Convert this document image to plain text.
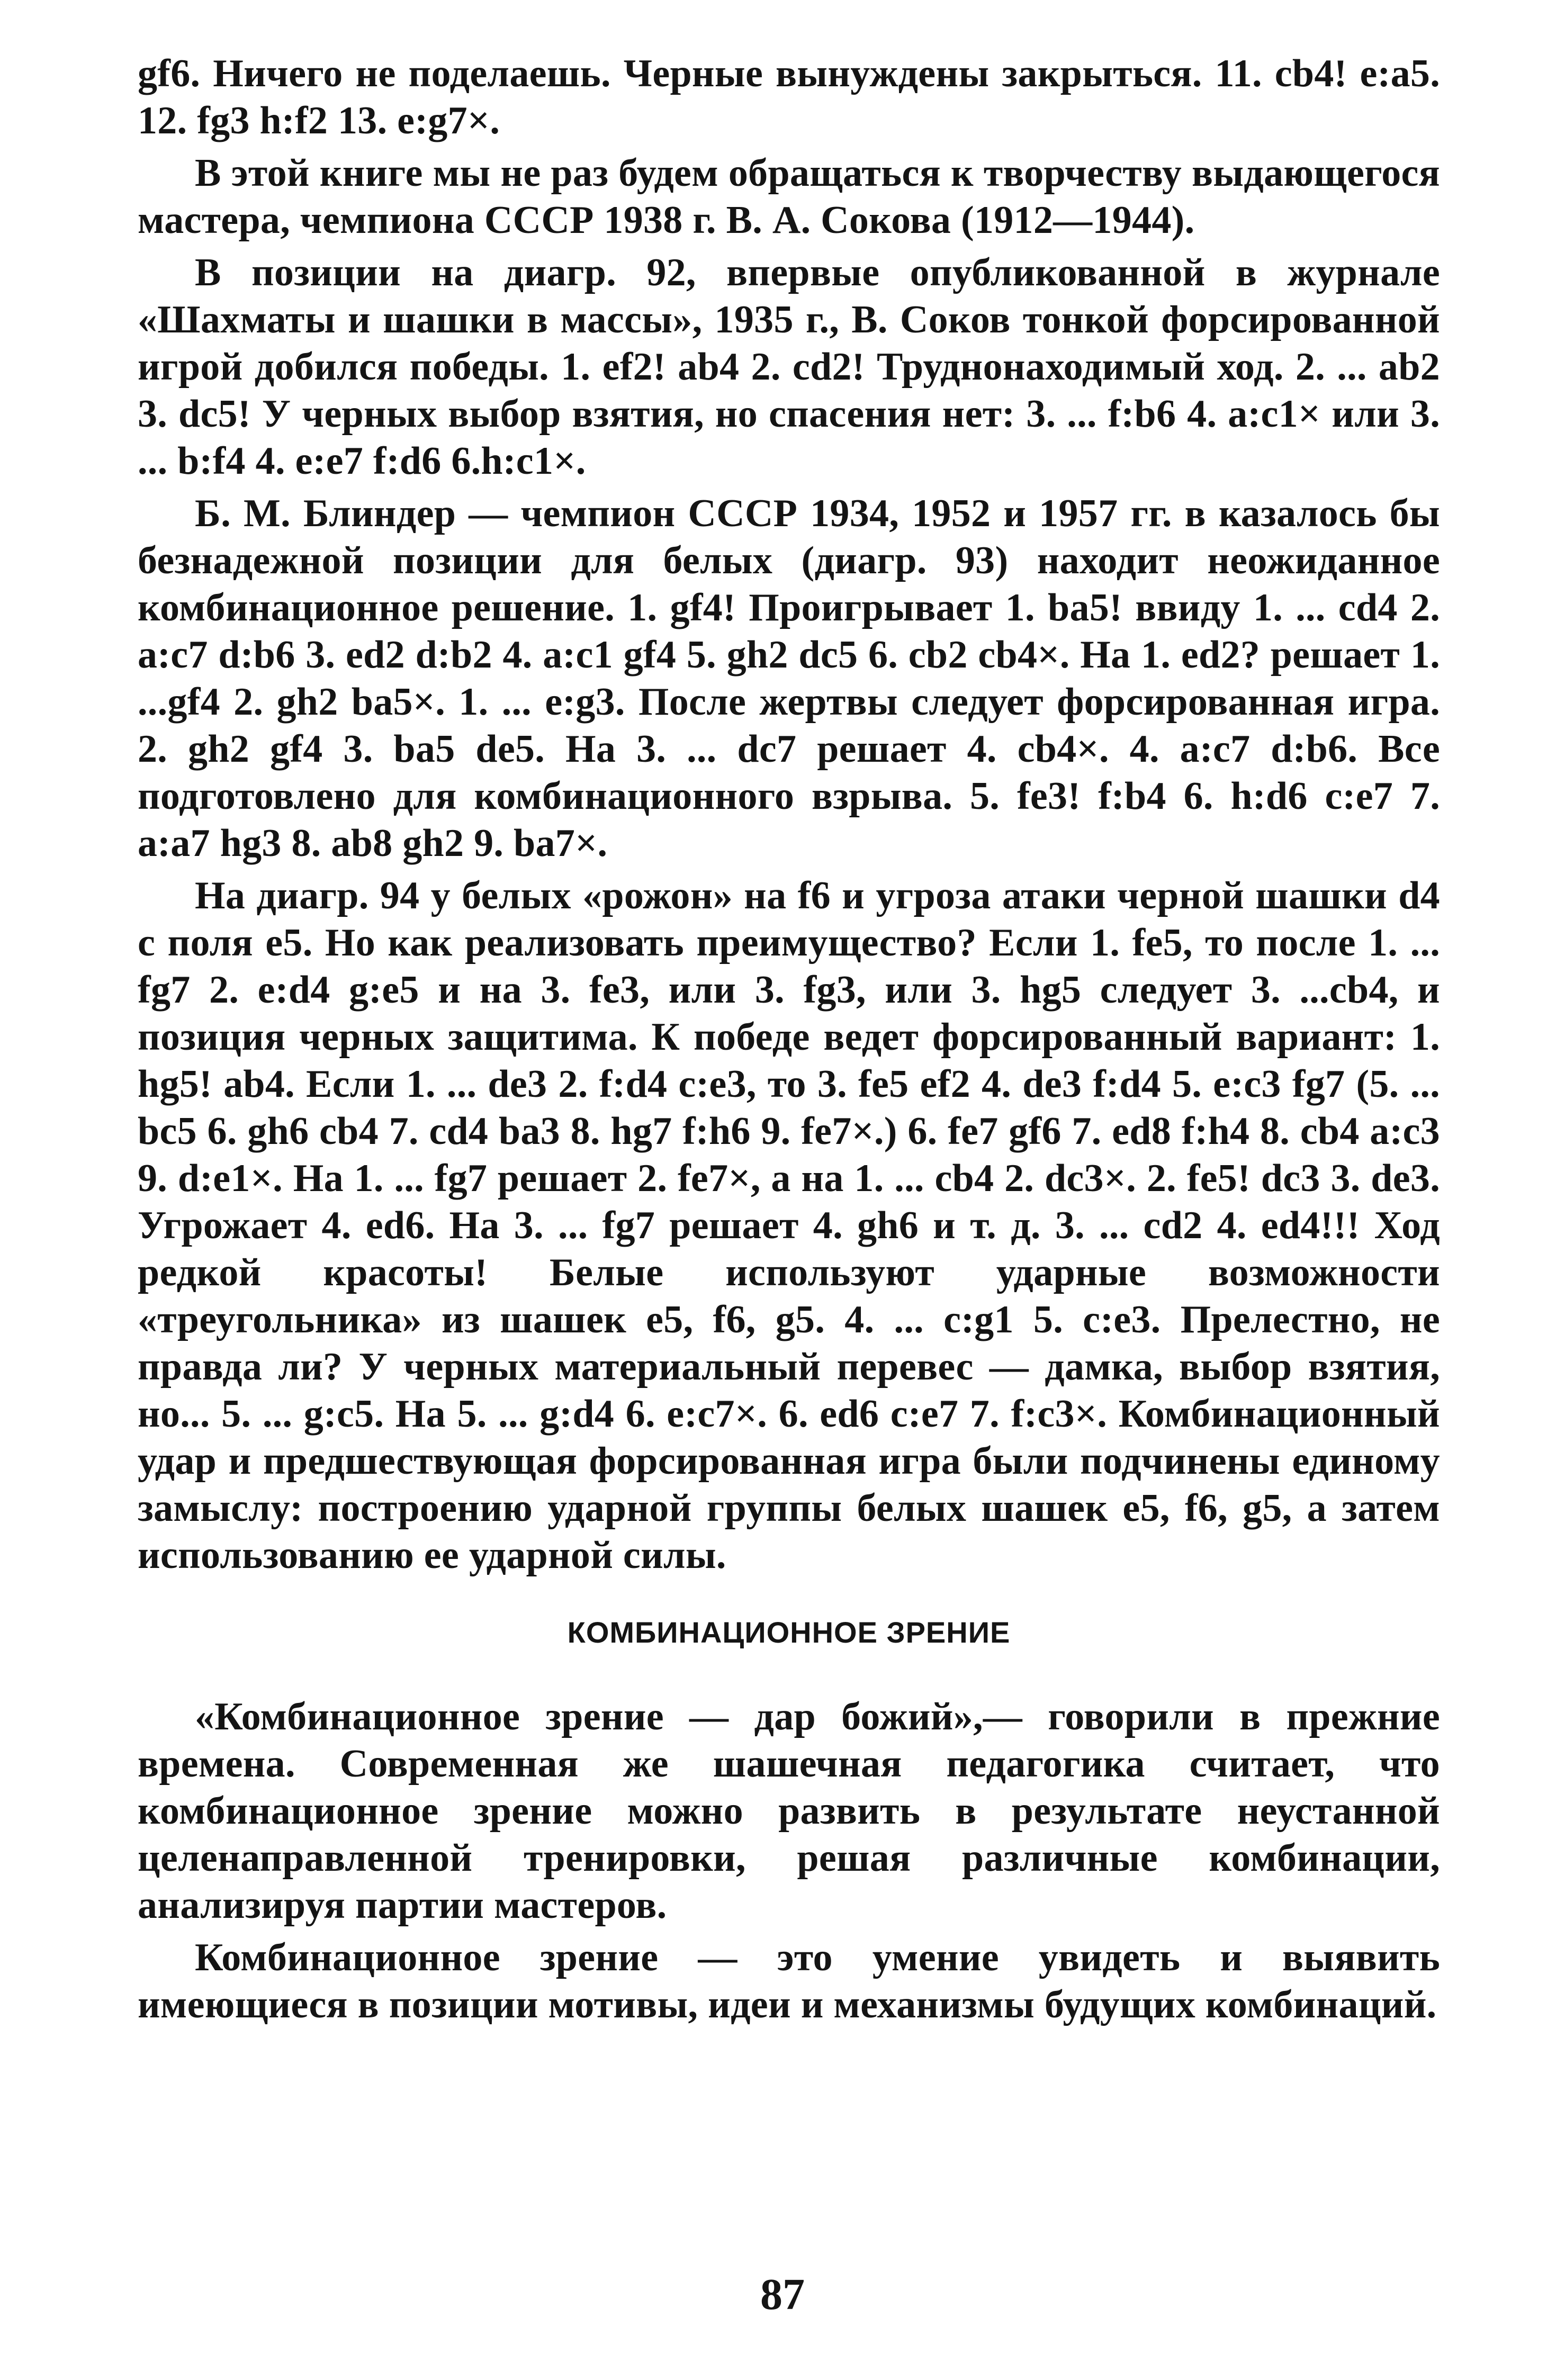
gf6. Ничего не поделаешь. Черные вынуждены закрыться. 11. cb4! e:a5. 12. fg3 h:f2 13. e:g7×.

В этой книге мы не раз будем обращаться к творчеству выдающегося мастера, чемпиона СССР 1938 г. В. А. Сокова (1912—1944).

В позиции на диагр. 92, впервые опубликованной в журнале «Шахматы и шашки в массы», 1935 г., В. Соков тонкой форсированной игрой добился победы. 1. ef2! ab4 2. cd2! Труднонаходимый ход. 2. ... ab2 3. dc5! У черных выбор взятия, но спасения нет: 3. ... f:b6 4. a:c1× или 3. ... b:f4 4. e:e7 f:d6 6.h:c1×.

Б. М. Блиндер — чемпион СССР 1934, 1952 и 1957 гг. в казалось бы безнадежной позиции для белых (диагр. 93) находит неожиданное комбинационное решение. 1. gf4! Проигрывает 1. ba5! ввиду 1. ... cd4 2. a:c7 d:b6 3. ed2 d:b2 4. a:c1 gf4 5. gh2 dc5 6. cb2 cb4×. На 1. ed2? решает 1. ...gf4 2. gh2 ba5×. 1. ... e:g3. После жертвы следует форсированная игра. 2. gh2 gf4 3. ba5 de5. На 3. ... dc7 решает 4. cb4×. 4. a:c7 d:b6. Все подготовлено для комбинационного взрыва. 5. fe3! f:b4 6. h:d6 c:e7 7. a:a7 hg3 8. ab8 gh2 9. ba7×.

На диагр. 94 у белых «рожон» на f6 и угроза атаки черной шашки d4 с поля e5. Но как реализовать преимущество? Если 1. fe5, то после 1. ... fg7 2. e:d4 g:e5 и на 3. fe3, или 3. fg3, или 3. hg5 следует 3. ...cb4, и позиция черных защитима. К победе ведет форсированный вариант: 1. hg5! ab4. Если 1. ... de3 2. f:d4 c:e3, то 3. fe5 ef2 4. de3 f:d4 5. e:c3 fg7 (5. ... bc5 6. gh6 cb4 7. cd4 ba3 8. hg7 f:h6 9. fe7×.) 6. fe7 gf6 7. ed8 f:h4 8. cb4 a:c3 9. d:e1×. На 1. ... fg7 решает 2. fe7×, а на 1. ... cb4 2. dc3×. 2. fe5! dc3 3. de3. Угрожает 4. ed6. На 3. ... fg7 решает 4. gh6 и т. д. 3. ... cd2 4. ed4!!! Ход редкой красоты! Белые используют ударные возможности «треугольника» из шашек e5, f6, g5. 4. ... c:g1 5. c:e3. Прелестно, не правда ли? У черных материальный перевес — дамка, выбор взятия, но... 5. ... g:c5. На 5. ... g:d4 6. e:c7×. 6. ed6 c:e7 7. f:c3×. Комбинационный удар и предшествующая форсированная игра были подчинены единому замыслу: построению ударной группы белых шашек e5, f6, g5, а затем использованию ее ударной силы.

КОМБИНАЦИОННОЕ ЗРЕНИЕ

«Комбинационное зрение — дар божий»,— говорили в прежние времена. Современная же шашечная педагогика считает, что комбинационное зрение можно развить в результате неустанной целенаправленной тренировки, решая различные комбинации, анализируя партии мастеров.

Комбинационное зрение — это умение увидеть и выявить имеющиеся в позиции мотивы, идеи и механизмы будущих комбинаций.

87
